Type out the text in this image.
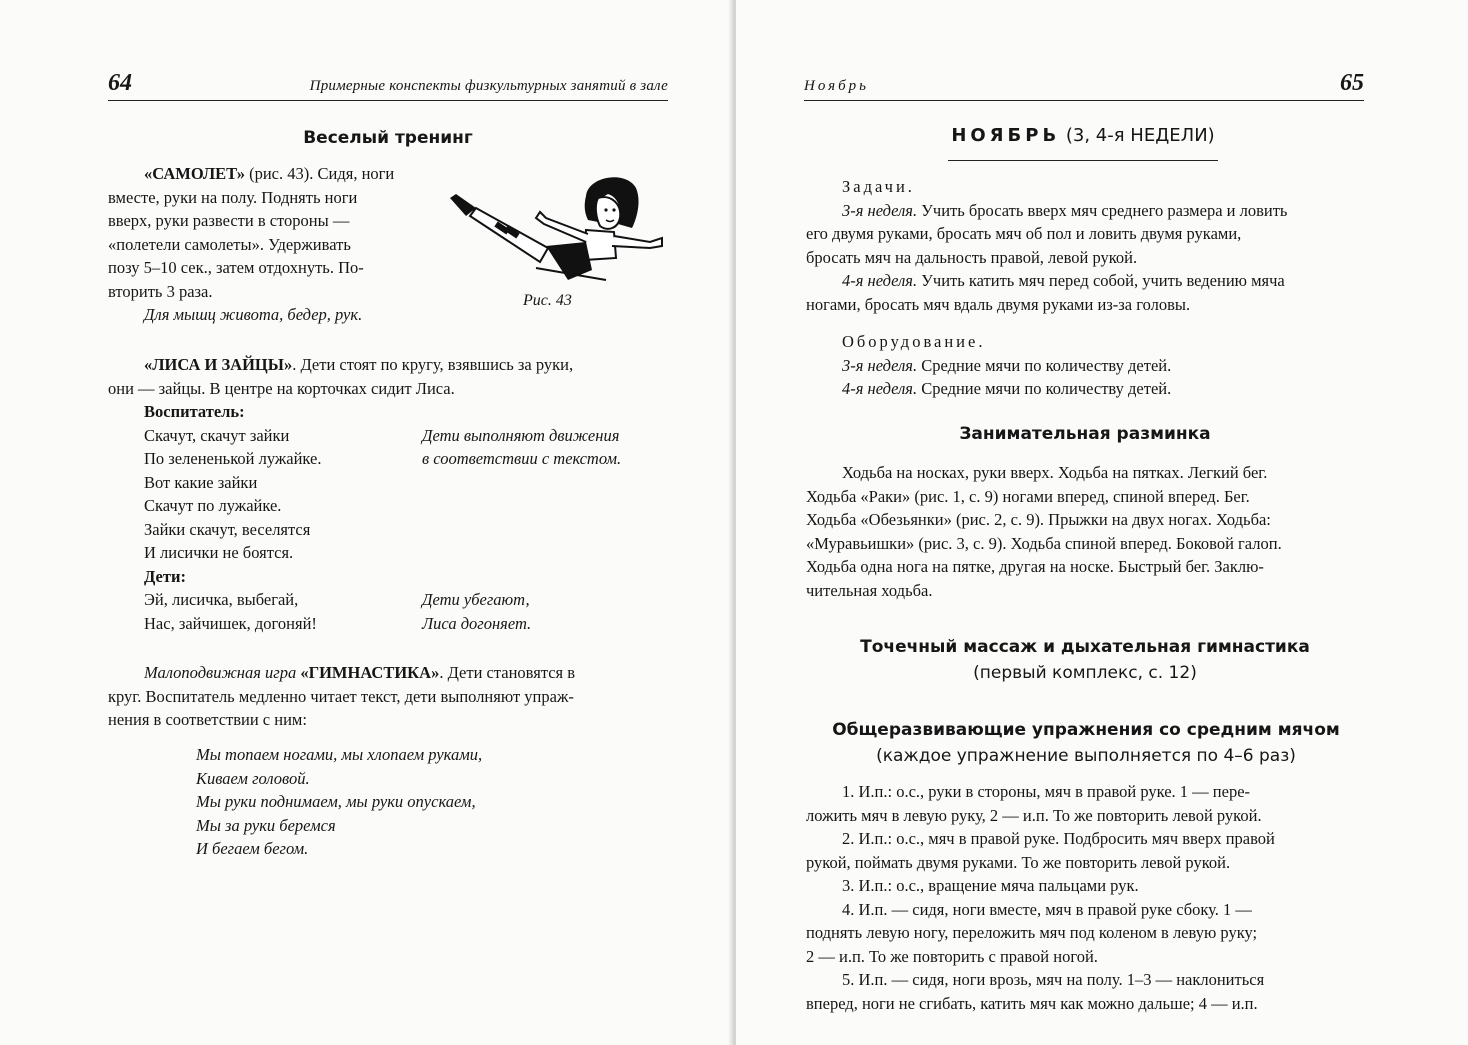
64	Примерные конспекты физкультурных занятий в зале
Веселый тренинг

«САМОЛЕТ» (рис. 43). Сидя, ноги

вместе, руки на полу. Поднять ноги

вверх, руки развести в стороны —

«полетели самолеты». Удерживать

позу 5–10 сек., затем отдохнуть. По-

вторить 3 раза.

Для мышц живота, бедер, рук.

Рис. 43

«ЛИСА И ЗАЙЦЫ». Дети стоят по кругу, взявшись за руки,

они — зайцы. В центре на корточках сидит Лиса.

Воспитатель:

Скачут, скачут зайки

По зелененькой лужайке.

Вот какие зайки

Скачут по лужайке.

Зайки скачут, веселятся

И лисички не боятся.

Дети:

Эй, лисичка, выбегай,

Нас, зайчишек, догоняй!

Дети выполняют движения

в соответствии с текстом.

Дети убегают,

Лиса догоняет.

Малоподвижная игра «ГИМНАСТИКА». Дети становятся в

круг. Воспитатель медленно читает текст, дети выполняют упраж-

нения в соответствии с ним:

Мы топаем ногами, мы хлопаем руками,

Киваем головой.

Мы руки поднимаем, мы руки опускаем,

Мы за руки беремся

И бегаем бегом.

Ноябрь	65
НОЯБРЬ (3, 4-я НЕДЕЛИ)

Задачи.

3-я неделя. Учить бросать вверх мяч среднего размера и ловить

его двумя руками, бросать мяч об пол и ловить двумя руками,

бросать мяч на дальность правой, левой рукой.

4-я неделя. Учить катить мяч перед собой, учить ведению мяча

ногами, бросать мяч вдаль двумя руками из-за головы.

Оборудование.

3-я неделя. Средние мячи по количеству детей.

4-я неделя. Средние мячи по количеству детей.

Занимательная разминка

Ходьба на носках, руки вверх. Ходьба на пятках. Легкий бег.

Ходьба «Раки» (рис. 1, с. 9) ногами вперед, спиной вперед. Бег.

Ходьба «Обезьянки» (рис. 2, с. 9). Прыжки на двух ногах. Ходьба:

«Муравьишки» (рис. 3, с. 9). Ходьба спиной вперед. Боковой галоп.

Ходьба одна нога на пятке, другая на носке. Быстрый бег. Заклю-

чительная ходьба.

Точечный массаж и дыхательная гимнастика
(первый комплекс, с. 12)
Общеразвивающие упражнения со средним мячом
(каждое упражнение выполняется по 4–6 раз)

1. И.п.: о.с., руки в стороны, мяч в правой руке. 1 — пере-

ложить мяч в левую руку, 2 — и.п. То же повторить левой рукой.

2. И.п.: о.с., мяч в правой руке. Подбросить мяч вверх правой

рукой, поймать двумя руками. То же повторить левой рукой.

3. И.п.: о.с., вращение мяча пальцами рук.

4. И.п. — сидя, ноги вместе, мяч в правой руке сбоку. 1 —

поднять левую ногу, переложить мяч под коленом в левую руку;

2 — и.п. То же повторить с правой ногой.

5. И.п. — сидя, ноги врозь, мяч на полу. 1–3 — наклониться

вперед, ноги не сгибать, катить мяч как можно дальше; 4 — и.п.
